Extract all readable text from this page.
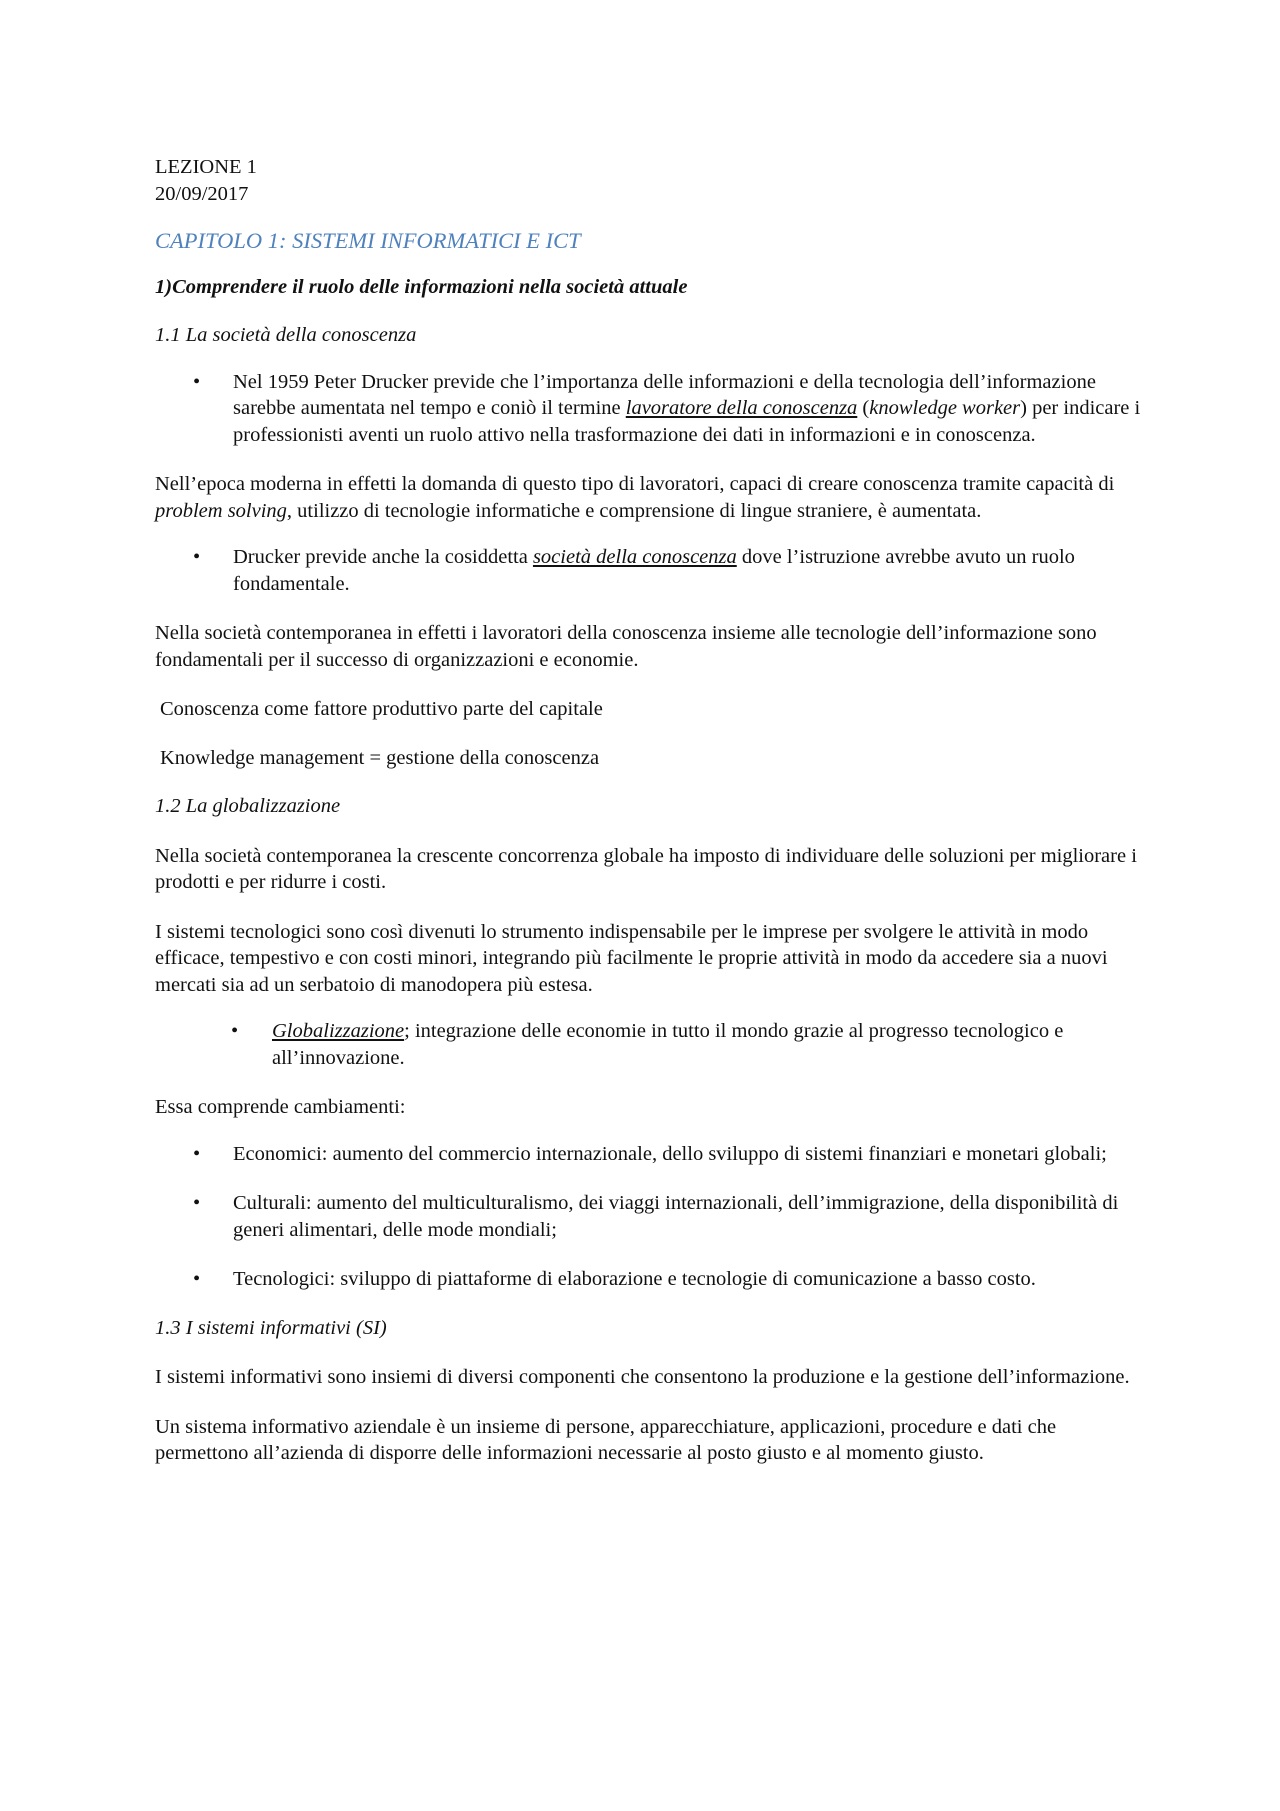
LEZIONE 1

20/09/2017

CAPITOLO 1: SISTEMI INFORMATICI E ICT

1)Comprendere il ruolo delle informazioni nella società attuale

1.1 La società della conoscenza

• Nel 1959 Peter Drucker previde che l’importanza delle informazioni e della tecnologia dell’informazione sarebbe aumentata nel tempo e coniò il termine lavoratore della conoscenza (knowledge worker) per indicare i professionisti aventi un ruolo attivo nella trasformazione dei dati in informazioni e in conoscenza.

Nell’epoca moderna in effetti la domanda di questo tipo di lavoratori, capaci di creare conoscenza tramite capacità di problem solving, utilizzo di tecnologie informatiche e comprensione di lingue straniere, è aumentata.

• Drucker previde anche la cosiddetta società della conoscenza dove l’istruzione avrebbe avuto un ruolo fondamentale.

Nella società contemporanea in effetti i lavoratori della conoscenza insieme alle tecnologie dell’informazione sono fondamentali per il successo di organizzazioni e economie.

Conoscenza come fattore produttivo parte del capitale

Knowledge management = gestione della conoscenza

1.2 La globalizzazione

Nella società contemporanea la crescente concorrenza globale ha imposto di individuare delle soluzioni per migliorare i prodotti e per ridurre i costi.

I sistemi tecnologici sono così divenuti lo strumento indispensabile per le imprese per svolgere le attività in modo efficace, tempestivo e con costi minori, integrando più facilmente le proprie attività in modo da accedere sia a nuovi mercati sia ad un serbatoio di manodopera più estesa.

• Globalizzazione; integrazione delle economie in tutto il mondo grazie al progresso tecnologico e all’innovazione.

Essa comprende cambiamenti:

• Economici: aumento del commercio internazionale, dello sviluppo di sistemi finanziari e monetari globali;
• Culturali: aumento del multiculturalismo, dei viaggi internazionali, dell’immigrazione, della disponibilità di generi alimentari, delle mode mondiali;
• Tecnologici: sviluppo di piattaforme di elaborazione e tecnologie di comunicazione a basso costo.

1.3 I sistemi informativi (SI)

I sistemi informativi sono insiemi di diversi componenti che consentono la produzione e la gestione dell’informazione.

Un sistema informativo aziendale è un insieme di persone, apparecchiature, applicazioni, procedure e dati che permettono all’azienda di disporre delle informazioni necessarie al posto giusto e al momento giusto.
